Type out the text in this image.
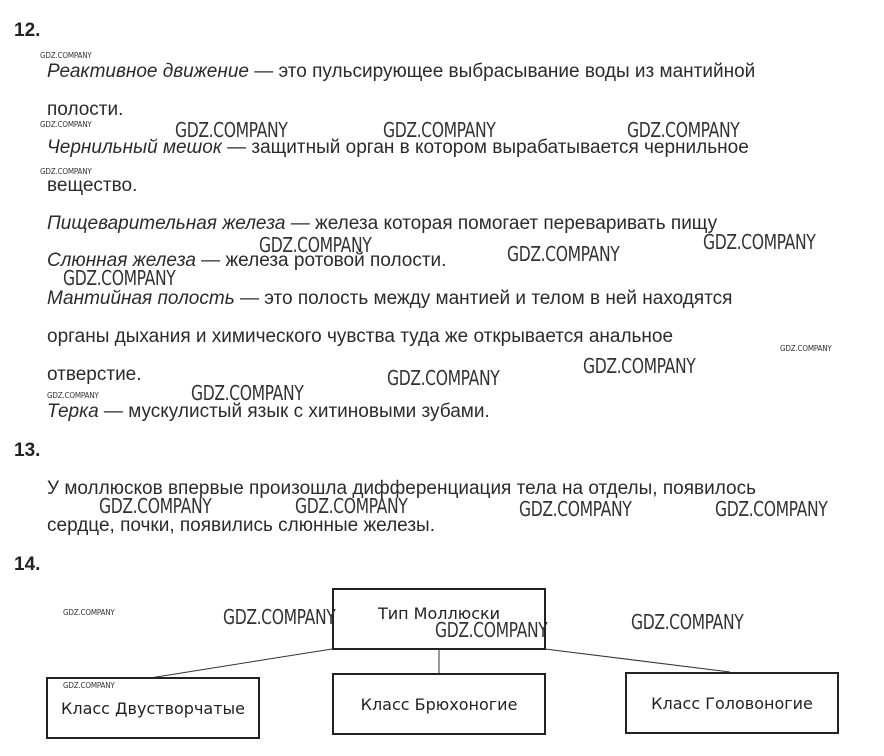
12.
Реактивное движение — это пульсирующее выбрасывание воды из мантийной
полости.
Чернильный мешок — защитный орган в котором вырабатывается чернильное
вещество.
Пищеварительная железа — железа которая помогает переваривать пищу
Слюнная железа — железа ротовой полости.
Мантийная полость — это полость между мантией и телом в ней находятся
органы дыхания и химического чувства туда же открывается анальное
отверстие.
Терка — мускулистый язык с хитиновыми зубами.
13.
У моллюсков впервые произошла дифференциация тела на отделы, появилось
сердце, почки, появились слюнные железы.
14.
Тип Моллюски
Класс Двустворчатые	Класс Брюхоногие	Класс Головоногие
GDZ.COMPANY
GDZ.COMPANY
GDZ.COMPANY
GDZ.COMPANY
GDZ.COMPANY
GDZ.COMPANY
GDZ.COMPANY
GDZ.COMPANY	GDZ.COMPANY	GDZ.COMPANY
GDZ.COMPANY	GDZ.COMPANY
GDZ.COMPANY
GDZ.COMPANY
GDZ.COMPANY
GDZ.COMPANY
GDZ.COMPANY
GDZ.COMPANY	GDZ.COMPANY	GDZ.COMPANY	GDZ.COMPANY
GDZ.COMPANY
GDZ.COMPANY	GDZ.COMPANY
